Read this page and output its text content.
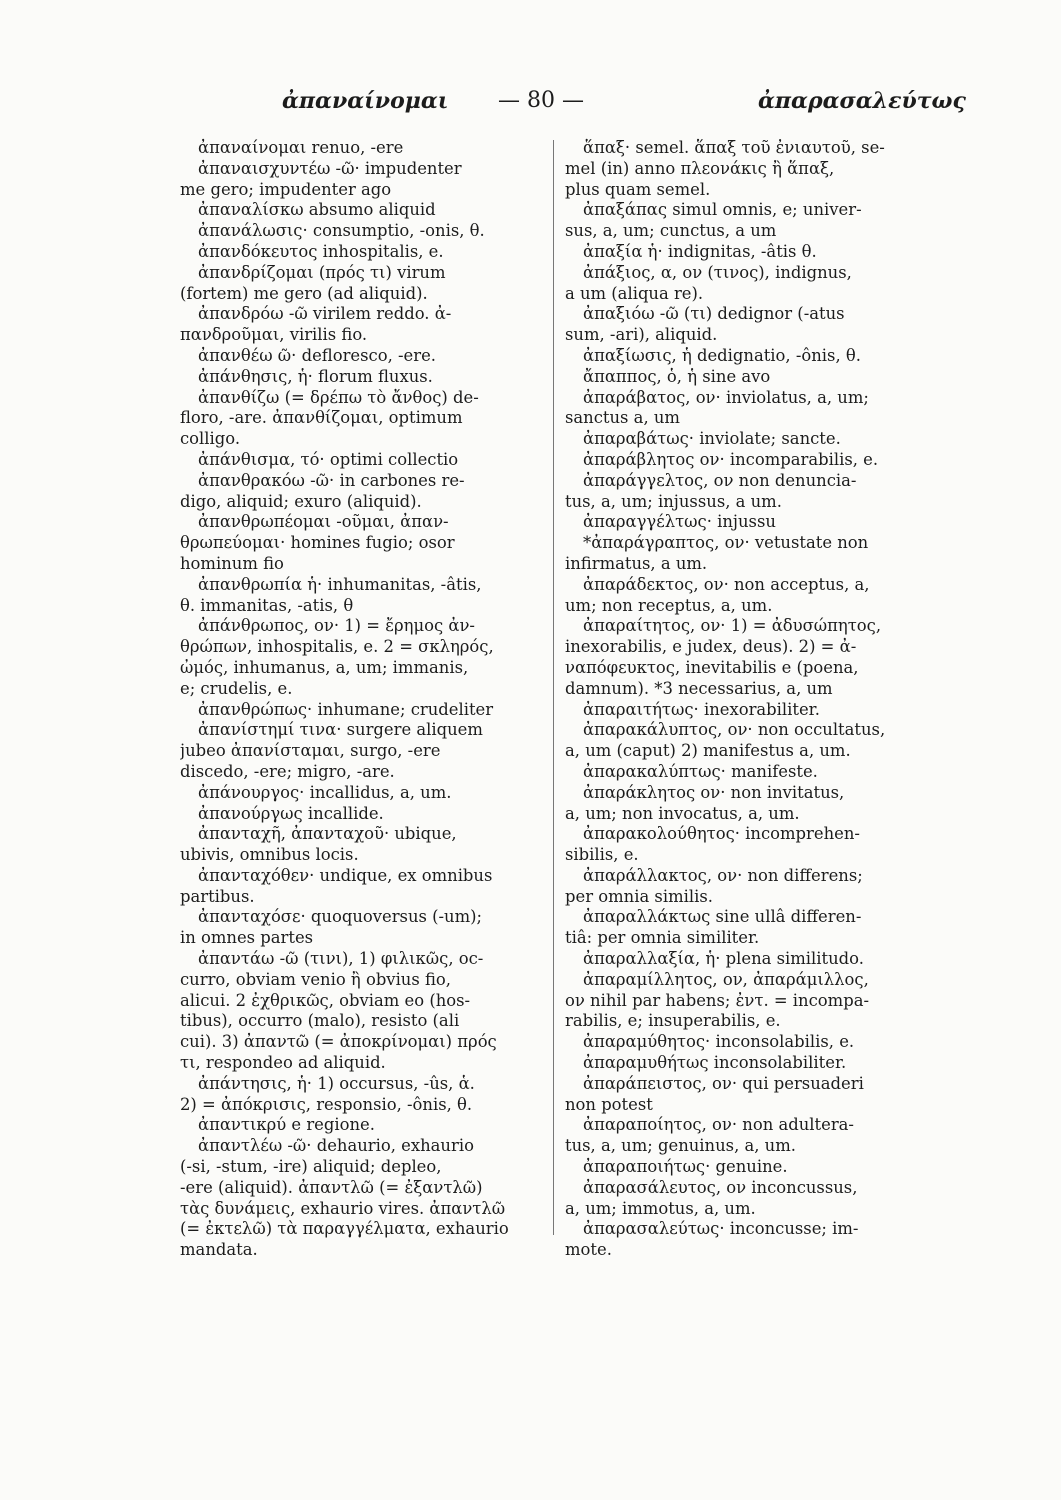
ἀπαναίνομαι — 80 —	ἀπαρασαλεύτως
ἀπαναίνομαι renuo, -ere
ἀπαναισχυντέω -ῶ· impudenter
me gero; impudenter ago
ἀπαναλίσκω absumo aliquid
ἀπανάλωσις· consumptio, -onis, θ.
ἀπανδόκευτος inhospitalis, e.
ἀπανδρίζομαι (πρός τι) virum
(fortem) me gero (ad aliquid).
ἀπανδρόω -ῶ virilem reddo. ἀ-
πανδροῦμαι, virilis fio.
ἀπανθέω ῶ· defloresco, -ere.
ἀπάνθησις, ἡ· florum fluxus.
ἀπανθίζω (= δρέπω τὸ ἄνθος) de-
floro, -are. ἀπανθίζομαι, optimum
colligo.
ἀπάνθισμα, τό· optimi collectio
ἀπανθρακόω -ῶ· in carbones re-
digo, aliquid; exuro (aliquid).
ἀπανθρωπέομαι -οῦμαι, ἀπαν-
θρωπεύομαι· homines fugio; osor
hominum fio
ἀπανθρωπία ἡ· inhumanitas, -âtis,
θ. immanitas, -atis, θ
ἀπάνθρωπος, ον· 1) = ἔρημος ἀν-
θρώπων, inhospitalis, e. 2 = σκληρός,
ὠμός, inhumanus, a, um; immanis,
e; crudelis, e.
ἀπανθρώπως· inhumane; crudeliter
ἀπανίστημί τινα· surgere aliquem
jubeo ἀπανίσταμαι, surgo, -ere
discedo, -ere; migro, -are.
ἀπάνουργος· incallidus, a, um.
ἀπανούργως incallide.
ἀπανταχῆ, ἀπανταχοῦ· ubique,
ubivis, omnibus locis.
ἀπανταχόθεν· undique, ex omnibus
partibus.
ἀπανταχόσε· quoquoversus (-um);
in omnes partes
ἀπαντάω -ῶ (τινι), 1) φιλικῶς, oc-
curro, obviam venio ἢ obvius fio,
alicui. 2 ἐχθρικῶς, obviam eo (hos-
tibus), occurro (malo), resisto (ali
cui). 3) ἀπαντῶ (= ἀποκρίνομαι) πρός
τι, respondeo ad aliquid.
ἀπάντησις, ἡ· 1) occursus, -ûs, ἁ.
2) = ἀπόκρισις, responsio, -ônis, θ.
ἀπαντικρύ e regione.
ἀπαντλέω -ῶ· dehaurio, exhaurio
(-si, -stum, -ire) aliquid; depleo,
-ere (aliquid). ἀπαντλῶ (= ἐξαντλῶ)
τὰς δυνάμεις, exhaurio vires. ἀπαντλῶ
(= ἐκτελῶ) τὰ παραγγέλματα, exhaurio
mandata.
ἅπαξ· semel. ἅπαξ τοῦ ἐνιαυτοῦ, se-
mel (in) anno πλεονάκις ἢ ἅπαξ,
plus quam semel.
ἀπαξάπας simul omnis, e; univer-
sus, a, um; cunctus, a um
ἀπαξία ἡ· indignitas, -âtis θ.
ἀπάξιος, α, ον (τινος), indignus,
a um (aliqua re).
ἀπαξιόω -ῶ (τι) dedignor (-atus
sum, -ari), aliquid.
ἀπαξίωσις, ἡ dedignatio, -ônis, θ.
ἄπαππος, ὁ, ἡ sine avo
ἀπαράβατος, ον· inviolatus, a, um;
sanctus a, um
ἀπαραβάτως· inviolate; sancte.
ἀπαράβλητος ον· incomparabilis, e.
ἀπαράγγελτος, ον non denuncia-
tus, a, um; injussus, a um.
ἀπαραγγέλτως· injussu
*ἀπαράγραπτος, ον· vetustate non
infirmatus, a um.
ἀπαράδεκτος, ον· non acceptus, a,
um; non receptus, a, um.
ἀπαραίτητος, ον· 1) = ἀδυσώπητος,
inexorabilis, e judex, deus). 2) = ἀ-
ναπόφευκτος, inevitabilis e (poena,
damnum). *3 necessarius, a, um
ἀπαραιτήτως· inexorabiliter.
ἀπαρακάλυπτος, ον· non occultatus,
a, um (caput) 2) manifestus a, um.
ἀπαρακαλύπτως· manifeste.
ἀπαράκλητος ον· non invitatus,
a, um; non invocatus, a, um.
ἀπαρακολούθητος· incomprehen-
sibilis, e.
ἀπαράλλακτος, ον· non differens;
per omnia similis.
ἀπαραλλάκτως sine ullâ differen-
tiâ: per omnia similiter.
ἀπαραλλαξία, ἡ· plena similitudo.
ἀπαραμίλλητος, ον, ἀπαράμιλλος,
ον nihil par habens; ἐντ. = incompa-
rabilis, e; insuperabilis, e.
ἀπαραμύθητος· inconsolabilis, e.
ἀπαραμυθήτως inconsolabiliter.
ἀπαράπειστος, ον· qui persuaderi
non potest
ἀπαραποίητος, ον· non adultera-
tus, a, um; genuinus, a, um.
ἀπαραποιήτως· genuine.
ἀπαρασάλευτος, ον inconcussus,
a, um; immotus, a, um.
ἀπαρασαλεύτως· inconcusse; im-
mote.
